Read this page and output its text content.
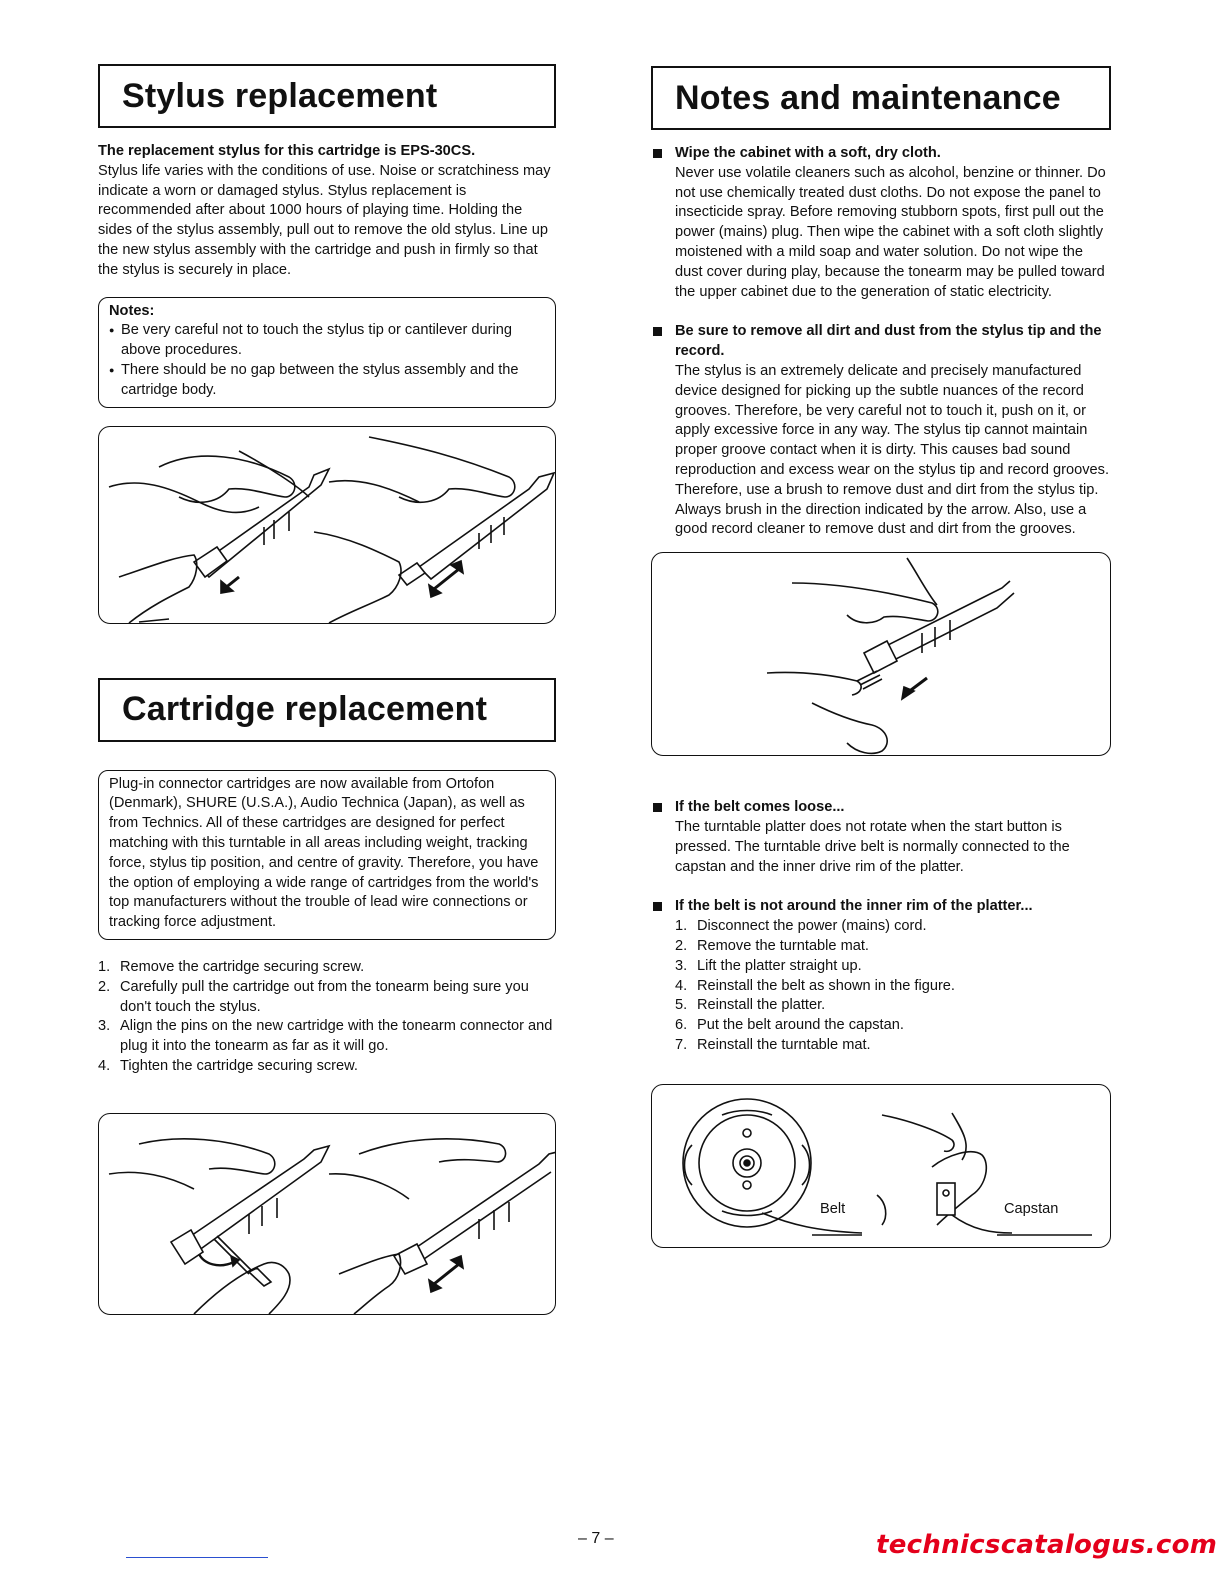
Stylus replacement

The replacement stylus for this cartridge is EPS-30CS.

Stylus life varies with the conditions of use. Noise or scratchiness may indicate a worn or damaged stylus. Stylus replacement is recommended after about 1000 hours of playing time. Holding the sides of the stylus assembly, pull out to remove the old stylus. Line up the new stylus assembly with the cartridge and push in firmly so that the stylus is securely in place.

Notes:
● Be very careful not to touch the stylus tip or cantilever during above procedures.
● There should be no gap between the stylus assembly and the cartridge body.
Cartridge replacement

Plug-in connector cartridges are now available from Ortofon (Denmark), SHURE (U.S.A.), Audio Technica (Japan), as well as from Technics. All of these cartridges are designed for perfect matching with this turntable in all areas including weight, tracking force, stylus tip position, and centre of gravity. Therefore, you have the option of employing a wide range of cartridges from the world's top manufacturers without the trouble of lead wire connections or tracking force adjustment.

1. Remove the cartridge securing screw.
2. Carefully pull the cartridge out from the tonearm being sure you don't touch the stylus.
3. Align the pins on the new cartridge with the tonearm connector and plug it into the tonearm as far as it will go.
4. Tighten the cartridge securing screw.
Notes and maintenance
Wipe the cabinet with a soft, dry cloth.

Never use volatile cleaners such as alcohol, benzine or thinner. Do not use chemically treated dust cloths. Do not expose the panel to insecticide spray. Before removing stubborn spots, first pull out the power (mains) plug. Then wipe the cabinet with a soft cloth slightly moistened with a mild soap and water solution. Do not wipe the dust cover during play, because the tonearm may be pulled toward the upper cabinet due to the generation of static electricity.

Be sure to remove all dirt and dust from the stylus tip and the record.

The stylus is an extremely delicate and precisely manufactured device designed for picking up the subtle nuances of the record grooves. Therefore, be very careful not to touch it, push on it, or apply excessive force in any way. The stylus tip cannot maintain proper groove contact when it is dirty. This causes bad sound reproduction and excess wear on the stylus tip and record grooves. Therefore, use a brush to remove dust and dirt from the stylus tip. Always brush in the direction indicated by the arrow. Also, use a good record cleaner to remove dust and dirt from the grooves.

If the belt comes loose...

The turntable platter does not rotate when the start button is pressed. The turntable drive belt is normally connected to the capstan and the inner drive rim of the platter.

If the belt is not around the inner rim of the platter...
1. Disconnect the power (mains) cord.
2. Remove the turntable mat.
3. Lift the platter straight up.
4. Reinstall the belt as shown in the figure.
5. Reinstall the platter.
6. Put the belt around the capstan.
7. Reinstall the turntable mat.
Belt	Capstan
– 7 –	technicscatalogus.com
